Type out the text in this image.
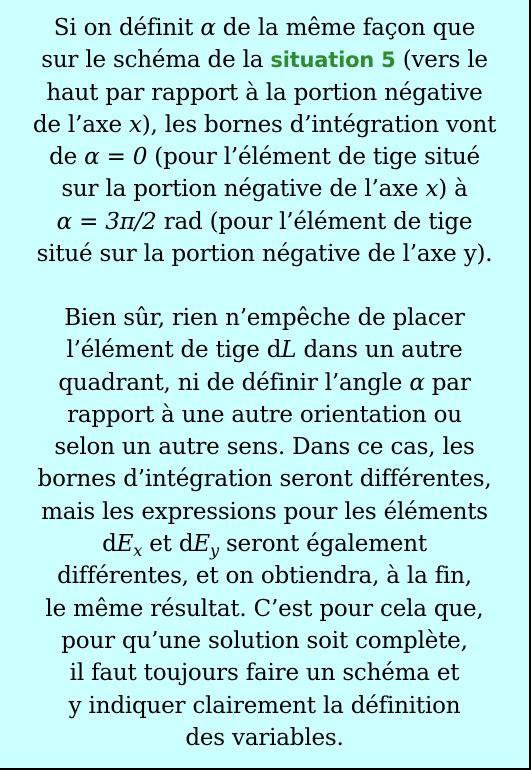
Si on définit α de la même façon que
sur le schéma de la situation 5 (vers le
haut par rapport à la portion négative
de l’axe x), les bornes d’intégration vont
de α = 0 (pour l’élément de tige situé
sur la portion négative de l’axe x) à
α = 3π/2 rad (pour l’élément de tige
situé sur la portion négative de l’axe y).
Bien sûr, rien n’empêche de placer
l’élément de tige dL dans un autre
quadrant, ni de définir l’angle α par
rapport à une autre orientation ou
selon un autre sens. Dans ce cas, les
bornes d’intégration seront différentes,
mais les expressions pour les éléments
$dE_x$ et $dE_y$ seront également
différentes, et on obtiendra, à la fin,
le même résultat. C’est pour cela que,
pour qu’une solution soit complète,
il faut toujours faire un schéma et
y indiquer clairement la définition
des variables.
